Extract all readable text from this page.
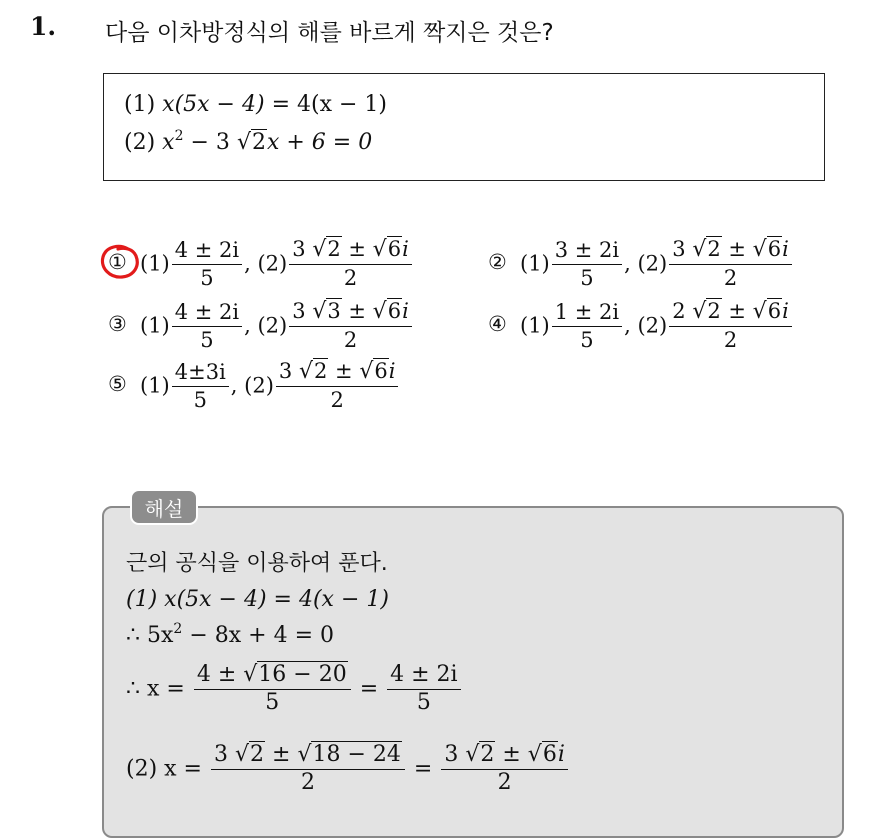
1. 다음 이차방정식의 해를 바르게 짝지은 것은?
(1) x(5x − 4) = 4(x − 1)
(2) $x^2 - 3$ √2x + 6 = 0
① $(1) \frac{4 \pm 2i}{5}$ , $(2) \frac{3 √2 \pm √6i}{2}$	② $(1) \frac{3 \pm 2i}{5}$ , $(2) \frac{3 √2 \pm √6i}{2}$
③ $(1) \frac{4 \pm 2i}{5}$ , $(2) \frac{3 √3 \pm √6i}{2}$	④ $(1) \frac{1 \pm 2i}{5}$ , $(2) \frac{2 √2 \pm √6i}{2}$
⑤ $(1) \frac{4\pm 3i}{5}$ , $(2) \frac{3 √2 \pm √6i}{2}$
해설
근의 공식을 이용하여 푼다.
(1) x(5x − 4) = 4(x − 1)
∴ $5x^2 - 8x + 4 = 0$
∴ $x = \frac{4 \pm √16 - 20}{5} = \frac{4 \pm 2i}{5}$
(2) $x = \frac{3 √2 \pm √18 - 24}{2} = \frac{3 √2 \pm √6i}{2}$
